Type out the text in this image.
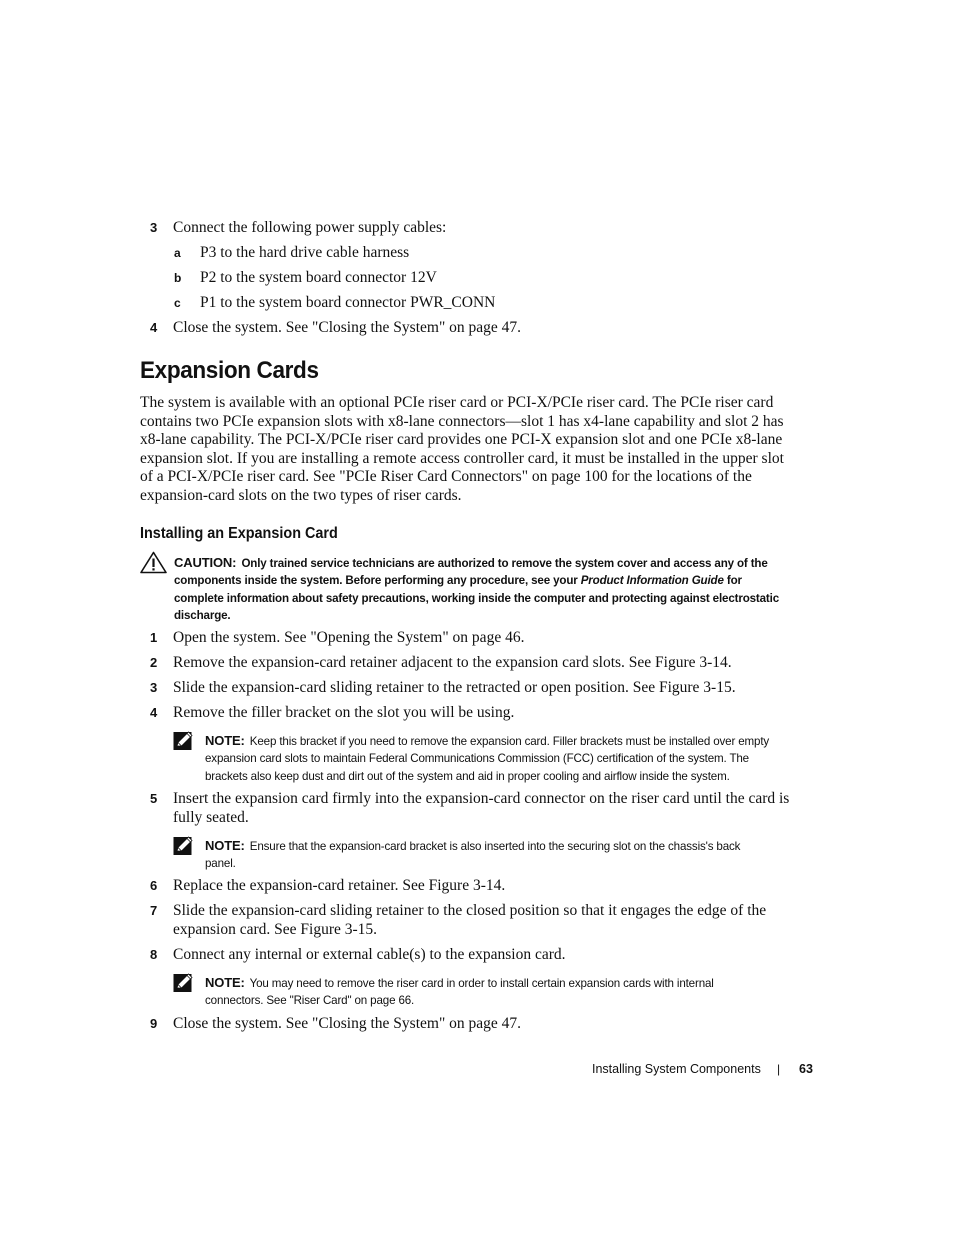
3	Connect the following power supply cables:
a	P3 to the hard drive cable harness
b	P2 to the system board connector 12V
c	P1 to the system board connector PWR_CONN
4	Close the system. See "Closing the System" on page 47.
Expansion Cards
The system is available with an optional PCIe riser card or PCI-X/PCIe riser card. The PCIe riser card
contains two PCIe expansion slots with x8-lane connectors—slot 1 has x4-lane capability and slot 2 has
x8-lane capability. The PCI-X/PCIe riser card provides one PCI-X expansion slot and one PCIe x8-lane
expansion slot. If you are installing a remote access controller card, it must be installed in the upper slot
of a PCI-X/PCIe riser card. See "PCIe Riser Card Connectors" on page 100 for the locations of the
expansion-card slots on the two types of riser cards.
Installing an Expansion Card
CAUTION: Only trained service technicians are authorized to remove the system cover and access any of the
components inside the system. Before performing any procedure, see your Product Information Guide for
complete information about safety precautions, working inside the computer and protecting against electrostatic
discharge.
1	Open the system. See "Opening the System" on page 46.
2	Remove the expansion-card retainer adjacent to the expansion card slots. See Figure 3-14.
3	Slide the expansion-card sliding retainer to the retracted or open position. See Figure 3-15.
4	Remove the filler bracket on the slot you will be using.
NOTE: Keep this bracket if you need to remove the expansion card. Filler brackets must be installed over empty
expansion card slots to maintain Federal Communications Commission (FCC) certification of the system. The
brackets also keep dust and dirt out of the system and aid in proper cooling and airflow inside the system.
5	Insert the expansion card firmly into the expansion-card connector on the riser card until the card is
fully seated.
NOTE: Ensure that the expansion-card bracket is also inserted into the securing slot on the chassis's back
panel.
6	Replace the expansion-card retainer. See Figure 3-14.
7	Slide the expansion-card sliding retainer to the closed position so that it engages the edge of the
expansion card. See Figure 3-15.
8	Connect any internal or external cable(s) to the expansion card.
NOTE: You may need to remove the riser card in order to install certain expansion cards with internal
connectors. See "Riser Card" on page 66.
9	Close the system. See "Closing the System" on page 47.
Installing System Components | 63
